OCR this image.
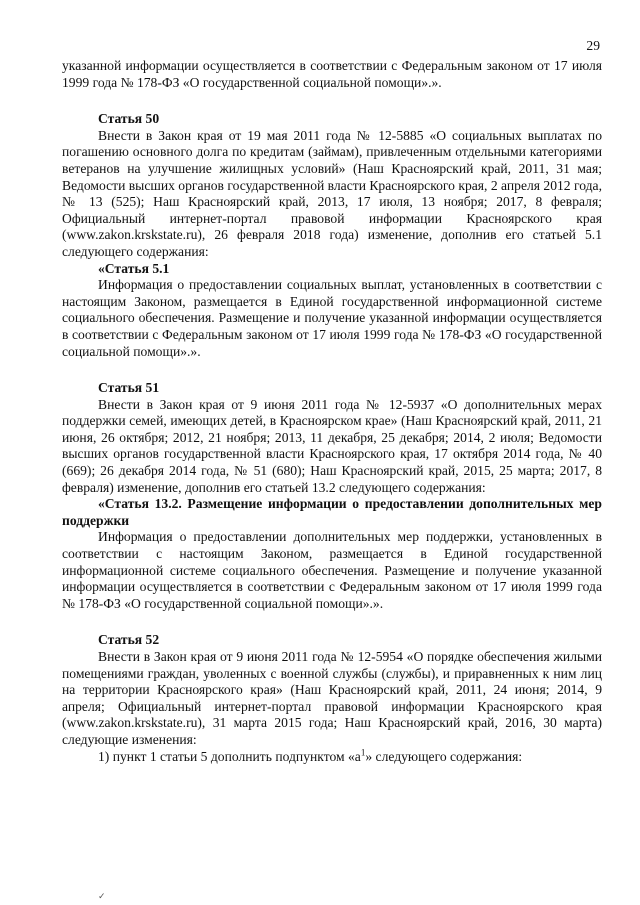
29

указанной информации осуществляется в соответствии с Федеральным законом от 17 июля 1999 года № 178-ФЗ «О государственной социальной помощи».».

Статья 50

Внести в Закон края от 19 мая 2011 года № 12-5885 «О социальных выплатах по погашению основного долга по кредитам (займам), привлеченным отдельными категориями ветеранов на улучшение жилищных условий» (Наш Красноярский край, 2011, 31 мая; Ведомости высших органов государственной власти Красноярского края, 2 апреля 2012 года, № 13 (525); Наш Красноярский край, 2013, 17 июля, 13 ноября; 2017, 8 февраля; Официальный интернет-портал правовой информации Красноярского края (www.zakon.krskstate.ru), 26 февраля 2018 года) изменение, дополнив его статьей 5.1 следующего содержания:

«Статья 5.1

Информация о предоставлении социальных выплат, установленных в соответствии с настоящим Законом, размещается в Единой государственной информационной системе социального обеспечения. Размещение и получение указанной информации осуществляется в соответствии с Федеральным законом от 17 июля 1999 года № 178-ФЗ «О государственной социальной помощи».».

Статья 51

Внести в Закон края от 9 июня 2011 года № 12-5937 «О дополнительных мерах поддержки семей, имеющих детей, в Красноярском крае» (Наш Красноярский край, 2011, 21 июня, 26 октября; 2012, 21 ноября; 2013, 11 декабря, 25 декабря; 2014, 2 июля; Ведомости высших органов государственной власти Красноярского края, 17 октября 2014 года, № 40 (669); 26 декабря 2014 года, № 51 (680); Наш Красноярский край, 2015, 25 марта; 2017, 8 февраля) изменение, дополнив его статьей 13.2 следующего содержания:

«Статья 13.2. Размещение информации о предоставлении дополнительных мер поддержки

Информация о предоставлении дополнительных мер поддержки, установленных в соответствии с настоящим Законом, размещается в Единой государственной информационной системе социального обеспечения. Размещение и получение указанной информации осуществляется в соответствии с Федеральным законом от 17 июля 1999 года № 178-ФЗ «О государственной социальной помощи».».

Статья 52

Внести в Закон края от 9 июня 2011 года № 12-5954 «О порядке обеспечения жилыми помещениями граждан, уволенных с военной службы (службы), и приравненных к ним лиц на территории Красноярского края» (Наш Красноярский край, 2011, 24 июня; 2014, 9 апреля; Официальный интернет-портал правовой информации Красноярского края (www.zakon.krskstate.ru), 31 марта 2015 года; Наш Красноярский край, 2016, 30 марта) следующие изменения:

1) пункт 1 статьи 5 дополнить подпунктом «$а^1$» следующего содержания:

✓
